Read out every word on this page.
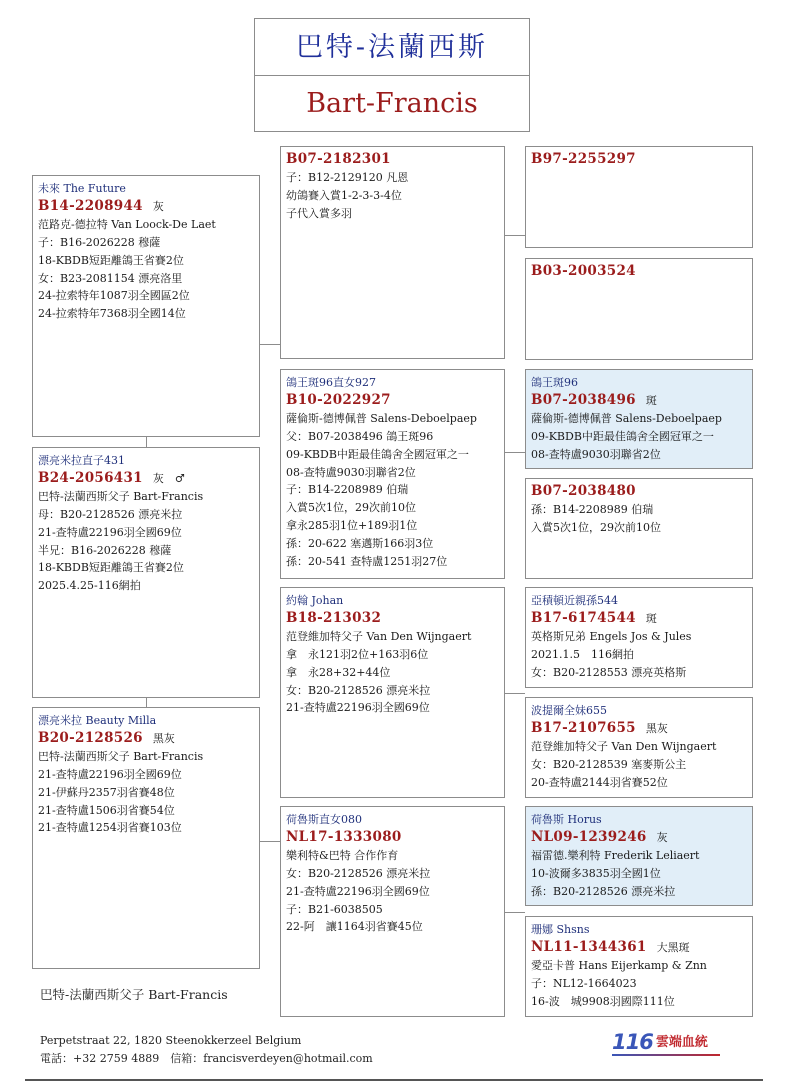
巴特-法蘭西斯
Bart-Francis
未來 The Future
B14-2208944 灰
范路克-德拉特 Van Loock-De Laet
子：B16-2026228 穆薩
18-KBDB短距離鴿王省賽2位
女：B23-2081154 漂亮洛里
24-拉索特年1087羽全國區2位
24-拉索特年7368羽全國14位
漂亮米拉直子431
B24-2056431 灰　♂
巴特-法蘭西斯父子 Bart-Francis
母：B20-2128526 漂亮米拉
21-查特盧22196羽全國69位
半兄：B16-2026228 穆薩
18-KBDB短距離鴿王省賽2位
2025.4.25-116網拍
漂亮米拉 Beauty Milla
B20-2128526 黑灰
巴特-法蘭西斯父子 Bart-Francis
21-查特盧22196羽全國69位
21-伊蘇丹2357羽省賽48位
21-查特盧1506羽省賽54位
21-查特盧1254羽省賽103位
B07-2182301
子：B12-2129120 凡恩
幼鴿賽入賞1-2-3-3-4位
子代入賞多羽
鴿王斑96直女927
B10-2022927
薩倫斯-德博佩普 Salens-Deboelpaep
父：B07-2038496 鴿王斑96
09-KBDB中距最佳鴿舍全國冠軍之一
08-查特盧9030羽聯省2位
子：B14-2208989 伯瑞
入賞5次1位，29次前10位
拿永285羽1位+189羽1位
孫：20-622 塞邁斯166羽3位
孫：20-541 查特盧1251羽27位
約翰 Johan
B18-213032
范登維加特父子 Van Den Wijngaert
拿　永121羽2位+163羽6位
拿　永28+32+44位
女：B20-2128526 漂亮米拉
21-查特盧22196羽全國69位
荷魯斯直女080
NL17-1333080
樂利特&巴特 合作作育
女：B20-2128526 漂亮米拉
21-查特盧22196羽全國69位
子：B21-6038505
22-阿　讓1164羽省賽45位
B97-2255297
B03-2003524
鴿王斑96
B07-2038496 斑
薩倫斯-德博佩普 Salens-Deboelpaep
09-KBDB中距最佳鴿舍全國冠軍之一
08-查特盧9030羽聯省2位
B07-2038480
孫：B14-2208989 伯瑞
入賞5次1位，29次前10位
亞積頓近親孫544
B17-6174544 斑
英格斯兄弟 Engels Jos & Jules
2021.1.5　116網拍
女：B20-2128553 漂亮英格斯
波提爾全妹655
B17-2107655 黑灰
范登維加特父子 Van Den Wijngaert
女：B20-2128539 塞麥斯公主
20-查特盧2144羽省賽52位
荷魯斯 Horus
NL09-1239246 灰
福雷德.樂利特 Frederik Leliaert
10-波爾多3835羽全國1位
孫：B20-2128526 漂亮米拉
珊娜 Shsns
NL11-1344361 大黑斑
愛亞卡普 Hans Eijerkamp & Znn
子：NL12-1664023
16-波　城9908羽國際111位
巴特-法蘭西斯父子 Bart-Francis
Perpetstraat 22, 1820 Steenokkerzeel Belgium
電話：+32 2759 4889　信箱：francisverdeyen@hotmail.com
116 雲端血統
